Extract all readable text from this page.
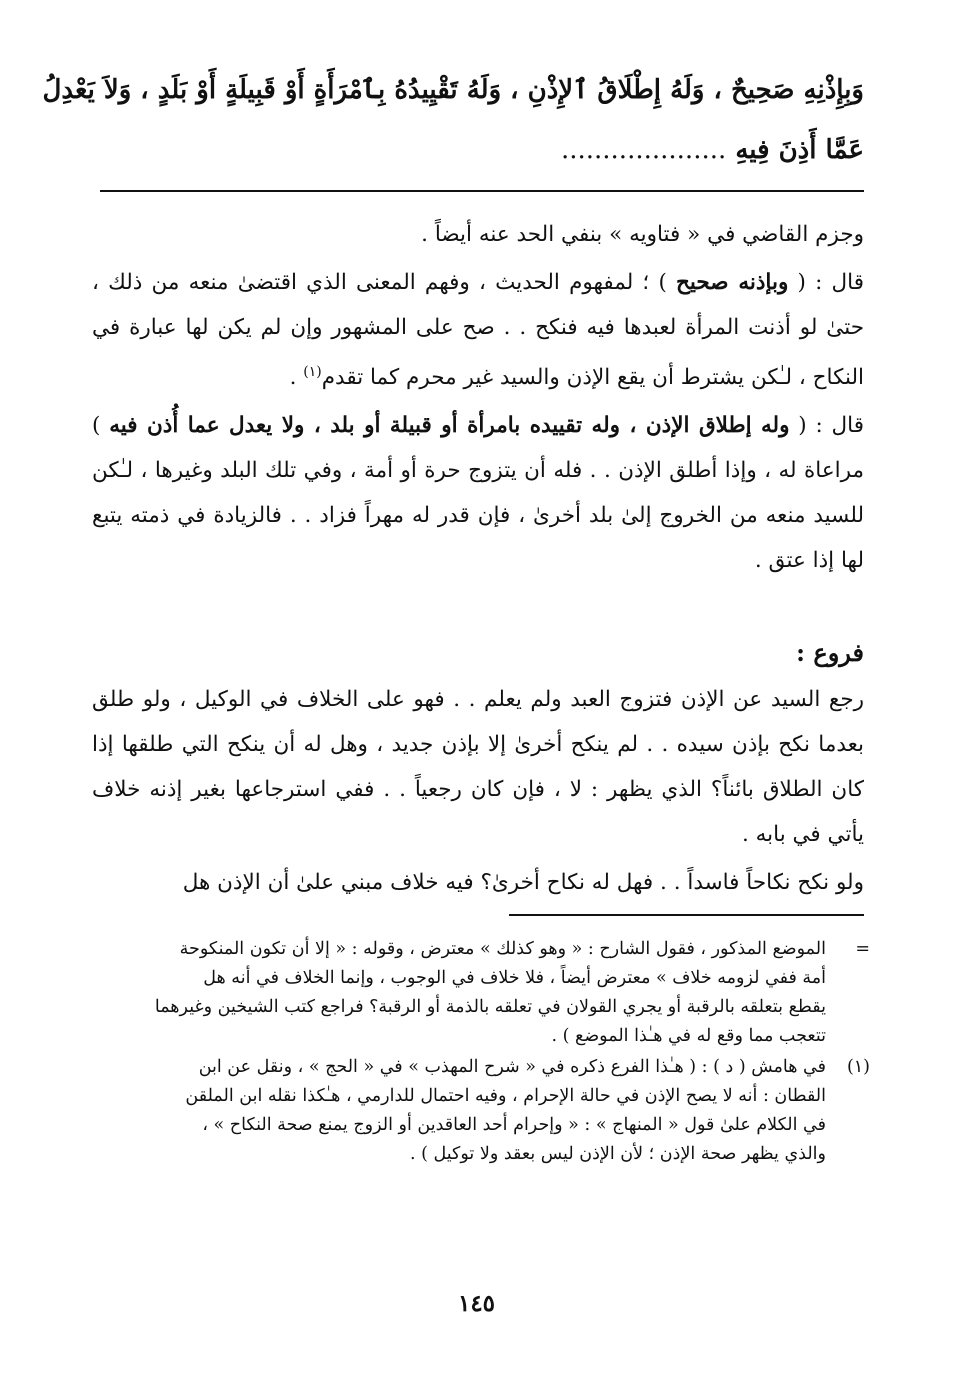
وَبِإِذْنِهِ صَحِيحٌ ، وَلَهُ إِطْلَاقُ ٱلإِذْنِ ، وَلَهُ تَقْيِيدُهُ بِٱمْرَأَةٍ أَوْ قَبِيلَةٍ أَوْ بَلَدٍ ، وَلاَ يَعْدِلُ
عَمَّا أَذِنَ فِيهِ ....................

وجزم القاضي في « فتاويه » بنفي الحد عنه أيضاً .

قال : ( وبإذنه صحيح ) ؛ لمفهوم الحديث ، وفهم المعنى الذي اقتضىٰ منعه من ذلك ، حتىٰ لو أذنت المرأة لعبدها فيه فنكح . . صح على المشهور وإن لم يكن لها عبارة في النكاح ، لـٰكن يشترط أن يقع الإذن والسيد غير محرم كما تقدم$^{(١)}$ .

قال : ( وله إطلاق الإذن ، وله تقييده بامرأة أو قبيلة أو بلد ، ولا يعدل عما أُذن فيه ) مراعاة له ، وإذا أطلق الإذن . . فله أن يتزوج حرة أو أمة ، وفي تلك البلد وغيرها ، لـٰكن للسيد منعه من الخروج إلىٰ بلد أخرىٰ ، فإن قدر له مهراً فزاد . . فالزيادة في ذمته يتبع لها إذا عتق .

فروع :

رجع السيد عن الإذن فتزوج العبد ولم يعلم . . فهو على الخلاف في الوكيل ، ولو طلق بعدما نكح بإذن سيده . . لم ينكح أخرىٰ إلا بإذن جديد ، وهل له أن ينكح التي طلقها إذا كان الطلاق بائناً؟ الذي يظهر : لا ، فإن كان رجعياً . . ففي استرجاعها بغير إذنه خلاف يأتي في بابه .

ولو نكح نكاحاً فاسداً . . فهل له نكاح أخرىٰ؟ فيه خلاف مبني علىٰ أن الإذن هل

=
الموضع المذكور ، فقول الشارح : « وهو كذلك » معترض ، وقوله : « إلا أن تكون المنكوحة
أمة ففي لزومه خلاف » معترض أيضاً ، فلا خلاف في الوجوب ، وإنما الخلاف في أنه هل
يقطع بتعلقه بالرقبة أو يجري القولان في تعلقه بالذمة أو الرقبة؟ فراجع كتب الشيخين وغيرهما
تتعجب مما وقع له في هـٰذا الموضع ) .
(١)
في هامش ( د ) : ( هـٰذا الفرع ذكره في « شرح المهذب » في « الحج » ، ونقل عن ابن
القطان : أنه لا يصح الإذن في حالة الإحرام ، وفيه احتمال للدارمي ، هـٰكذا نقله ابن الملقن
في الكلام علىٰ قول « المنهاج » : « وإحرام أحد العاقدين أو الزوج يمنع صحة النكاح » ،
والذي يظهر صحة الإذن ؛ لأن الإذن ليس بعقد ولا توكيل ) .
١٤٥
